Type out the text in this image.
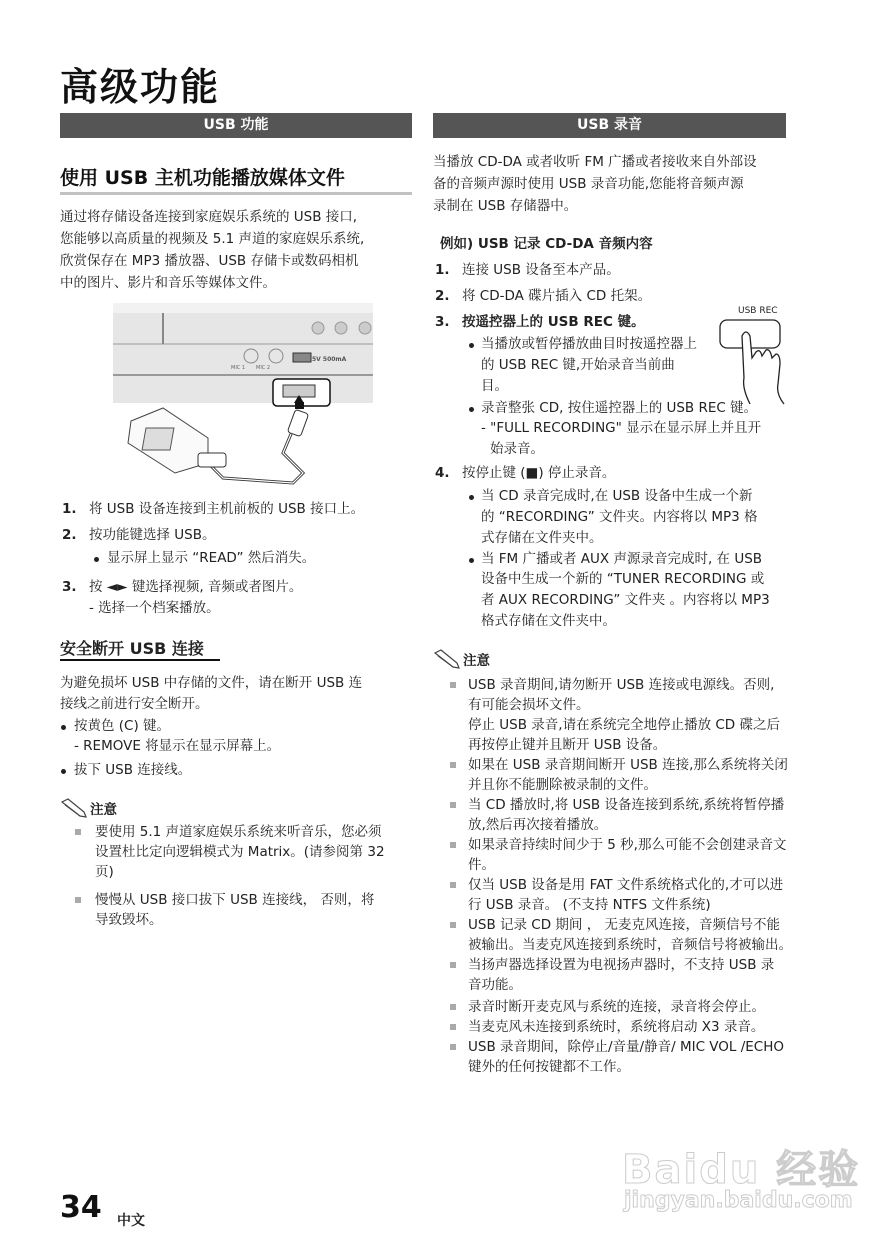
高级功能
USB 功能	USB 录音
使用 USB 主机功能播放媒体文件
通过将存储设备连接到家庭娱乐系统的 USB 接口,
您能够以高质量的视频及 5.1 声道的家庭娱乐系统,
欣赏保存在 MP3 播放器、USB 存储卡或数码相机
中的图片、影片和音乐等媒体文件。
MIC 1 MIC 2
5V 500mA
1. 将 USB 设备连接到主机前板的 USB 接口上。
2. 按功能键选择 USB。
显示屏上显示 “READ” 然后消失。
3. 按 ◄► 键选择视频, 音频或者图片。
- 选择一个档案播放。
安全断开 USB 连接
为避免损坏 USB 中存储的文件，请在断开 USB 连
接线之前进行安全断开。
按黄色 (C) 键。
- REMOVE 将显示在显示屏幕上。
拔下 USB 连接线。
注意
要使用 5.1 声道家庭娱乐系统来听音乐，您必须
设置杜比定向逻辑模式为 Matrix。(请参阅第 32
页)
慢慢从 USB 接口拔下 USB 连接线， 否则，将
导致毁坏。
当播放 CD-DA 或者收听 FM 广播或者接收来自外部设
备的音频声源时使用 USB 录音功能,您能将音频声源
录制在 USB 存储器中。
例如) USB 记录 CD-DA 音频内容
1. 连接 USB 设备至本产品。
2. 将 CD-DA 碟片插入 CD 托架。
3. 按遥控器上的 USB REC 键。
USB REC
当播放或暂停播放曲目时按遥控器上
的 USB REC 键,开始录音当前曲
目。
录音整张 CD, 按住遥控器上的 USB REC 键。
- "FULL RECORDING" 显示在显示屏上并且开
始录音。
4. 按停止键 (■) 停止录音。
当 CD 录音完成时,在 USB 设备中生成一个新
的 “RECORDING” 文件夹。内容将以 MP3 格
式存储在文件夹中。
当 FM 广播或者 AUX 声源录音完成时, 在 USB
设备中生成一个新的 “TUNER RECORDING 或
者 AUX RECORDING” 文件夹 。内容将以 MP3
格式存储在文件夹中。
注意
USB 录音期间,请勿断开 USB 连接或电源线。否则,
有可能会损坏文件。
停止 USB 录音,请在系统完全地停止播放 CD 碟之后
再按停止键并且断开 USB 设备。
如果在 USB 录音期间断开 USB 连接,那么系统将关闭
并且你不能删除被录制的文件。
当 CD 播放时,将 USB 设备连接到系统,系统将暂停播
放,然后再次接着播放。
如果录音持续时间少于 5 秒,那么可能不会创建录音文
件。
仅当 USB 设备是用 FAT 文件系统格式化的,才可以进
行 USB 录音。 (不支持 NTFS 文件系统)
USB 记录 CD 期间 ， 无麦克风连接，音频信号不能
被输出。当麦克风连接到系统时，音频信号将被输出。
当扬声器选择设置为电视扬声器时，不支持 USB 录
音功能。
录音时断开麦克风与系统的连接，录音将会停止。
当麦克风未连接到系统时，系统将启动 X3 录音。
USB 录音期间，除停止/音量/静音/ MIC VOL /ECHO
键外的任何按键都不工作。
34 中文
Baidu 经验
jingyan.baidu.com
